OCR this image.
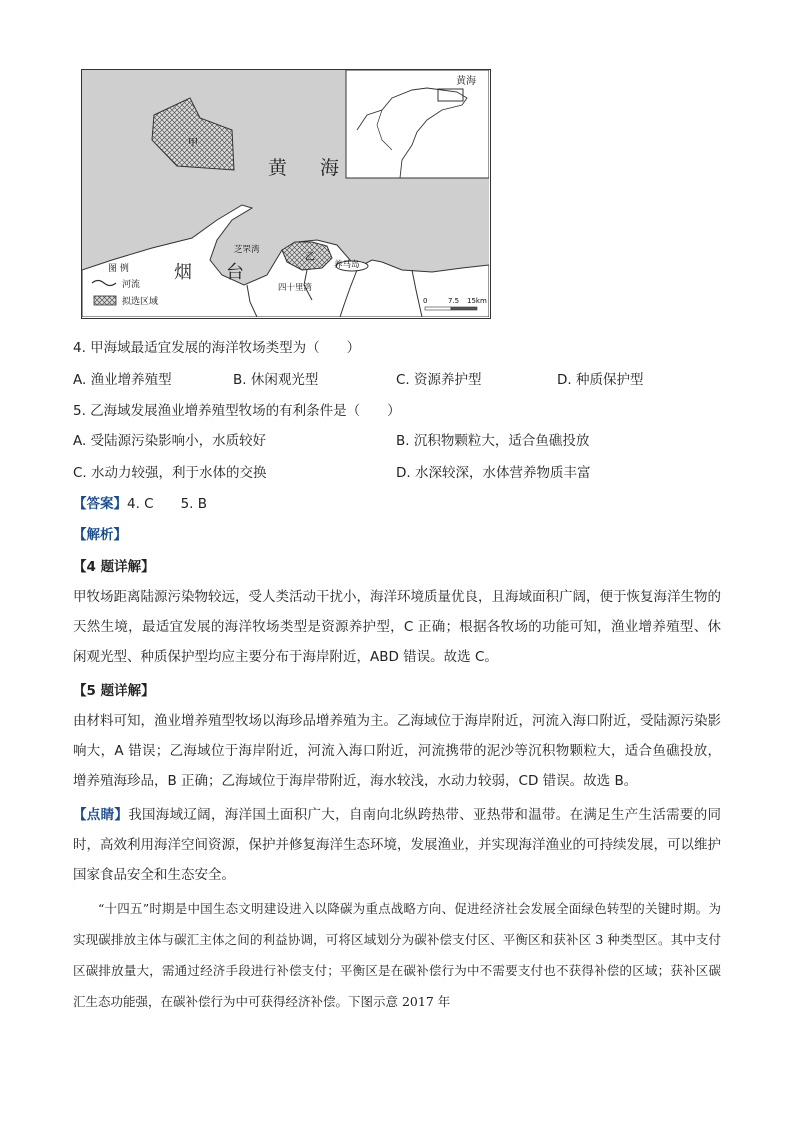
黄海
甲
黄 海
乙
芝罘湾
养马岛
四十里湾
烟 台
图 例
河流
拟选区域	0	7.5 15km
4. 甲海域最适宜发展的海洋牧场类型为（　　）
A. 渔业增养殖型	B. 休闲观光型	C. 资源养护型	D. 种质保护型
5. 乙海域发展渔业增养殖型牧场的有利条件是（　　）
A. 受陆源污染影响小，水质较好	B. 沉积物颗粒大，适合鱼礁投放
C. 水动力较强，利于水体的交换	D. 水深较深，水体营养物质丰富
【答案】4. C　　5. B
【解析】
【4 题详解】
甲牧场距离陆源污染物较远，受人类活动干扰小，海洋环境质量优良，且海域面积广阔，便于恢复海洋生物的天然生境，最适宜发展的海洋牧场类型是资源养护型，C 正确；根据各牧场的功能可知，渔业增养殖型、休闲观光型、种质保护型均应主要分布于海岸附近，ABD 错误。故选 C。
【5 题详解】
由材料可知，渔业增养殖型牧场以海珍品增养殖为主。乙海域位于海岸附近，河流入海口附近，受陆源污染影响大，A 错误；乙海域位于海岸附近，河流入海口附近，河流携带的泥沙等沉积物颗粒大，适合鱼礁投放，增养殖海珍品，B 正确；乙海域位于海岸带附近，海水较浅，水动力较弱，CD 错误。故选 B。
【点睛】我国海域辽阔，海洋国土面积广大，自南向北纵跨热带、亚热带和温带。在满足生产生活需要的同时，高效利用海洋空间资源，保护并修复海洋生态环境，发展渔业，并实现海洋渔业的可持续发展，可以维护国家食品安全和生态安全。
“十四五”时期是中国生态文明建设进入以降碳为重点战略方向、促进经济社会发展全面绿色转型的关键时期。为实现碳排放主体与碳汇主体之间的利益协调，可将区域划分为碳补偿支付区、平衡区和获补区 3 种类型区。其中支付区碳排放量大，需通过经济手段进行补偿支付；平衡区是在碳补偿行为中不需要支付也不获得补偿的区域；获补区碳汇生态功能强，在碳补偿行为中可获得经济补偿。下图示意 2017 年
